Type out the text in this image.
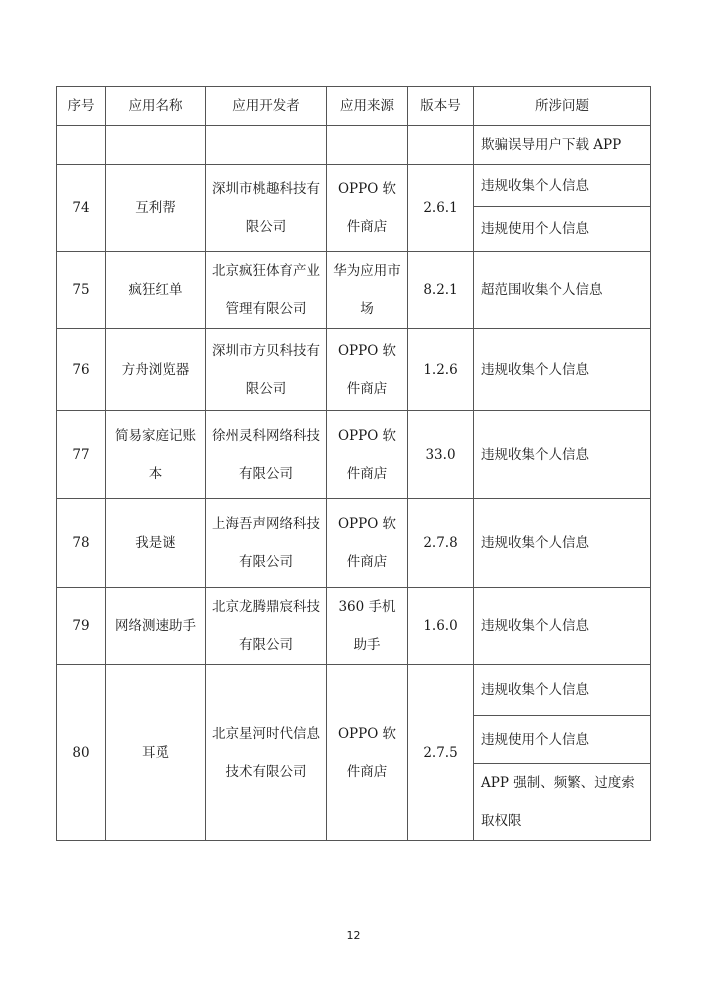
序号	应用名称	应用开发者	应用来源	版本号	所涉问题
					欺骗误导用户下载 APP
74	互利帮	深圳市桃趣科技有限公司	OPPO 软件商店	2.6.1	违规收集个人信息
					违规使用个人信息
75	疯狂红单	北京疯狂体育产业管理有限公司	华为应用市场	8.2.1	超范围收集个人信息
76	方舟浏览器	深圳市方贝科技有限公司	OPPO 软件商店	1.2.6	违规收集个人信息
77	简易家庭记账本	徐州灵科网络科技有限公司	OPPO 软件商店	33.0	违规收集个人信息
78	我是谜	上海吾声网络科技有限公司	OPPO 软件商店	2.7.8	违规收集个人信息
79	网络测速助手	北京龙腾鼎宸科技有限公司	360 手机助手	1.6.0	违规收集个人信息
80	耳觅	北京星河时代信息技术有限公司	OPPO 软件商店	2.7.5	违规收集个人信息
					违规使用个人信息
					APP 强制、频繁、过度索取权限
12
